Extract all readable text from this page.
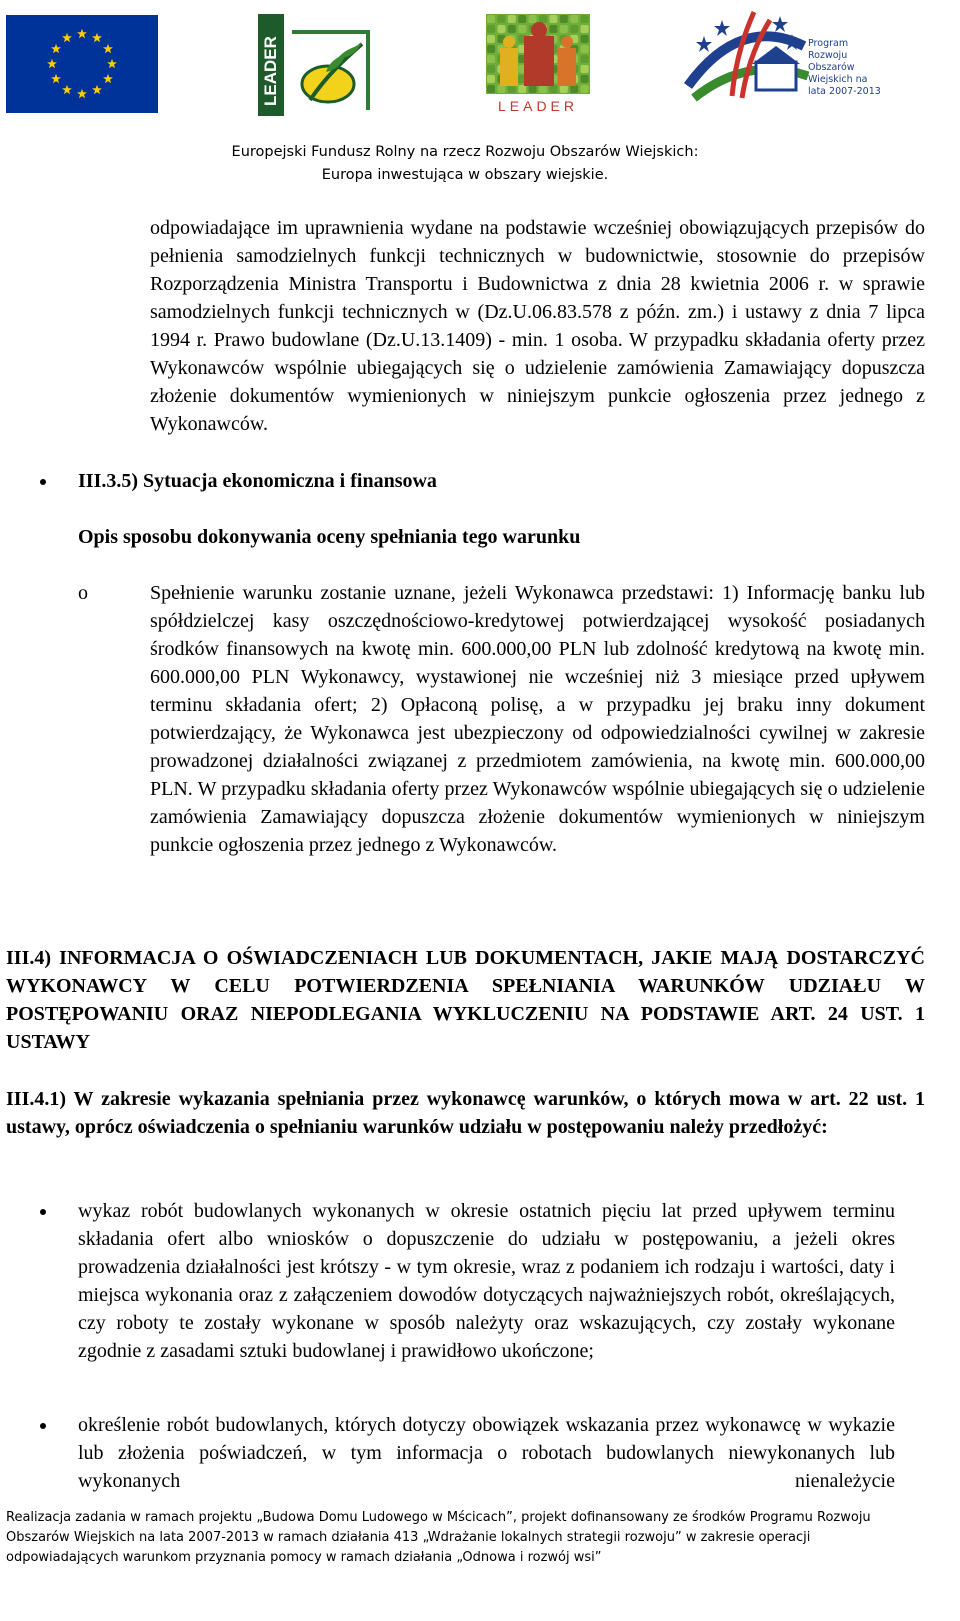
LEADER	LEADER
Program Rozwoju Obszarów Wiejskich na lata 2007-2013
Europejski Fundusz Rolny na rzecz Rozwoju Obszarów Wiejskich:
Europa inwestująca w obszary wiejskie.

odpowiadające im uprawnienia wydane na podstawie wcześniej obowiązujących przepisów do pełnienia samodzielnych funkcji technicznych w budownictwie, stosownie do przepisów Rozporządzenia Ministra Transportu i Budownictwa z dnia 28 kwietnia 2006 r. w sprawie samodzielnych funkcji technicznych w (Dz.U.06.83.578 z późn. zm.) i ustawy z dnia 7 lipca 1994 r. Prawo budowlane (Dz.U.13.1409) - min. 1 osoba. W przypadku składania oferty przez Wykonawców wspólnie ubiegających się o udzielenie zamówienia Zamawiający dopuszcza złożenie dokumentów wymienionych w niniejszym punkcie ogłoszenia przez jednego z Wykonawców.

III.3.5) Sytuacja ekonomiczna i finansowa

Opis sposobu dokonywania oceny spełniania tego warunku

o	Spełnienie warunku zostanie uznane, jeżeli Wykonawca przedstawi: 1) Informację banku lub spółdzielczej kasy oszczędnościowo-kredytowej potwierdzającej wysokość posiadanych środków finansowych na kwotę min. 600.000,00 PLN lub zdolność kredytową na kwotę min. 600.000,00 PLN Wykonawcy, wystawionej nie wcześniej niż 3 miesiące przed upływem terminu składania ofert; 2) Opłaconą polisę, a w przypadku jej braku inny dokument potwierdzający, że Wykonawca jest ubezpieczony od odpowiedzialności cywilnej w zakresie prowadzonej działalności związanej z przedmiotem zamówienia, na kwotę min. 600.000,00 PLN. W przypadku składania oferty przez Wykonawców wspólnie ubiegających się o udzielenie zamówienia Zamawiający dopuszcza złożenie dokumentów wymienionych w niniejszym punkcie ogłoszenia przez jednego z Wykonawców.

III.4) INFORMACJA O OŚWIADCZENIACH LUB DOKUMENTACH, JAKIE MAJĄ DOSTARCZYĆ WYKONAWCY W CELU POTWIERDZENIA SPEŁNIANIA WARUNKÓW UDZIAŁU W POSTĘPOWANIU ORAZ NIEPODLEGANIA WYKLUCZENIU NA PODSTAWIE ART. 24 UST. 1 USTAWY

III.4.1) W zakresie wykazania spełniania przez wykonawcę warunków, o których mowa w art. 22 ust. 1 ustawy, oprócz oświadczenia o spełnianiu warunków udziału w postępowaniu należy przedłożyć:

wykaz robót budowlanych wykonanych w okresie ostatnich pięciu lat przed upływem terminu składania ofert albo wniosków o dopuszczenie do udziału w postępowaniu, a jeżeli okres prowadzenia działalności jest krótszy - w tym okresie, wraz z podaniem ich rodzaju i wartości, daty i miejsca wykonania oraz z załączeniem dowodów dotyczących najważniejszych robót, określających, czy roboty te zostały wykonane w sposób należyty oraz wskazujących, czy zostały wykonane zgodnie z zasadami sztuki budowlanej i prawidłowo ukończone;

określenie robót budowlanych, których dotyczy obowiązek wskazania przez wykonawcę w wykazie lub złożenia poświadczeń, w tym informacja o robotach budowlanych niewykonanych lub wykonanych nienależycie

Realizacja zadania w ramach projektu „Budowa Domu Ludowego w Mścicach”, projekt dofinansowany ze środków Programu Rozwoju Obszarów Wiejskich na lata 2007-2013 w ramach działania 413 „Wdrażanie lokalnych strategii rozwoju” w zakresie operacji odpowiadających warunkom przyznania pomocy w ramach działania „Odnowa i rozwój wsi”
